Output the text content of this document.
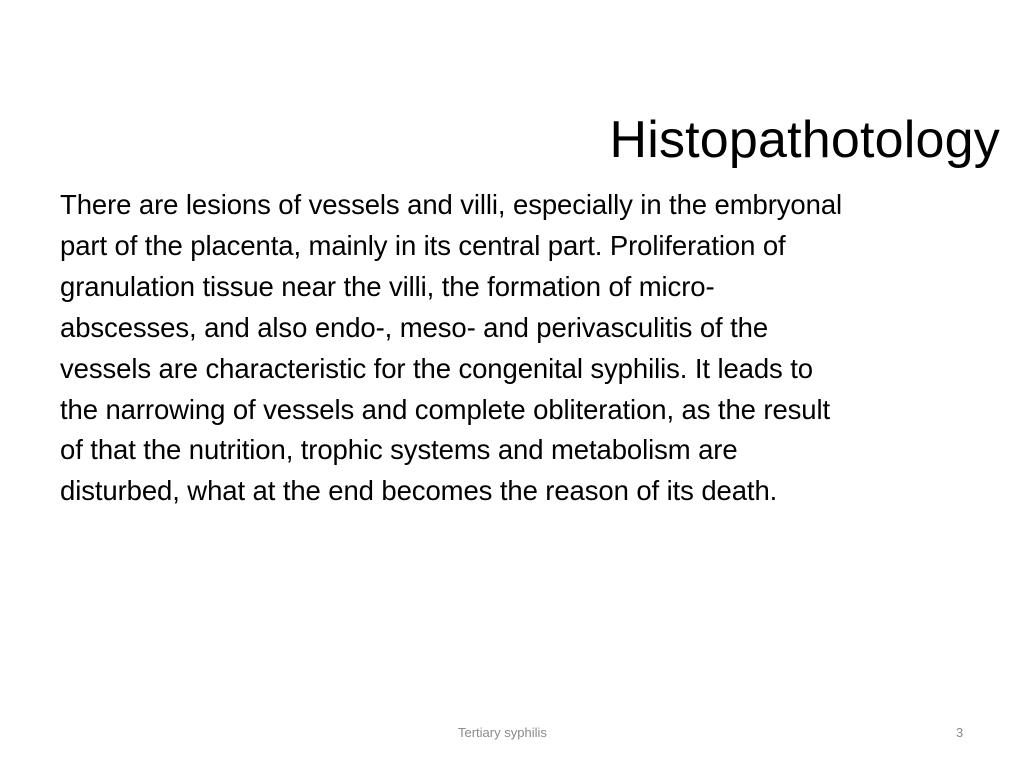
Histopathotology
There are lesions of vessels and villi, especially in the embryonal
part of the placenta, mainly in its central part. Proliferation of
granulation tissue near the villi, the formation of micro-
abscesses, and also endo-, meso- and perivasculitis of the
vessels are characteristic for the congenital syphilis. It leads to
the narrowing of vessels and complete obliteration, as the result
of that the nutrition, trophic systems and metabolism are
disturbed, what at the end becomes the reason of its death.
Tertiary syphilis	3
